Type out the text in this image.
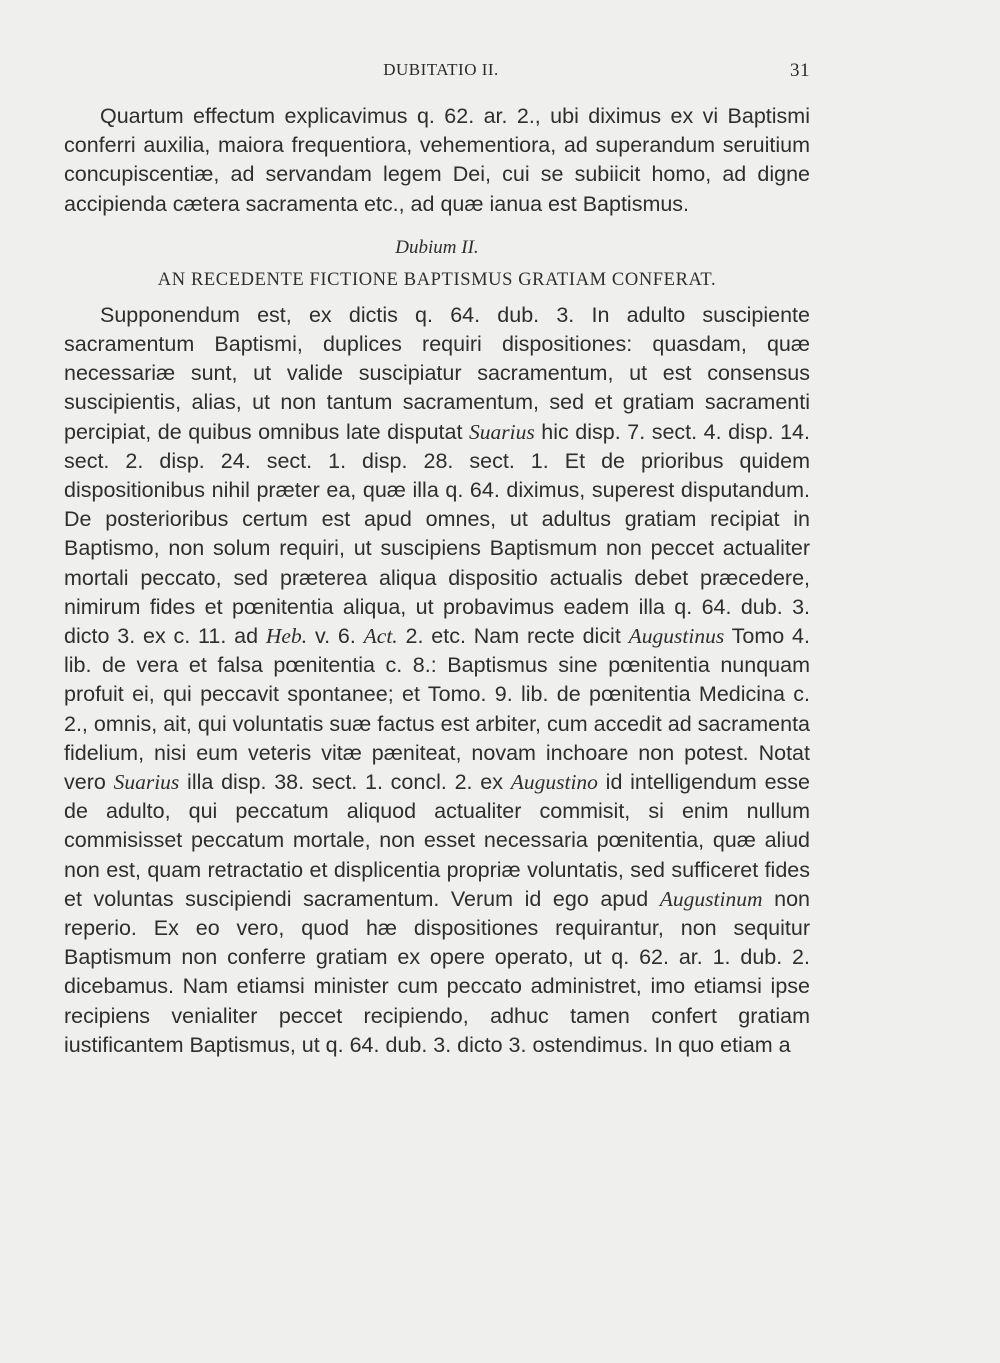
DUBITATIO II.	31

Quartum effectum explicavimus q. 62. ar. 2., ubi diximus ex vi Baptismi conferri auxilia, maiora frequentiora, vehementiora, ad superandum seruitium concupiscentiæ, ad servandam legem Dei, cui se subiicit homo, ad digne accipienda cætera sacramenta etc., ad quæ ianua est Baptismus.

Dubium II.
AN RECEDENTE FICTIONE BAPTISMUS GRATIAM CONFERAT.

Supponendum est, ex dictis q. 64. dub. 3. In adulto suscipiente sacramentum Baptismi, duplices requiri dispositiones: quasdam, quæ necessariæ sunt, ut valide suscipiatur sacramentum, ut est consensus suscipientis, alias, ut non tantum sacramentum, sed et gratiam sacramenti percipiat, de quibus omnibus late disputat Suarius hic disp. 7. sect. 4. disp. 14. sect. 2. disp. 24. sect. 1. disp. 28. sect. 1. Et de prioribus quidem dispositionibus nihil præter ea, quæ illa q. 64. diximus, superest disputandum. De posterioribus certum est apud omnes, ut adultus gratiam recipiat in Baptismo, non solum requiri, ut suscipiens Baptismum non peccet actualiter mortali peccato, sed præterea aliqua dispositio actualis debet præcedere, nimirum fides et pœnitentia aliqua, ut probavimus eadem illa q. 64. dub. 3. dicto 3. ex c. 11. ad Heb. v. 6. Act. 2. etc. Nam recte dicit Augustinus Tomo 4. lib. de vera et falsa pœnitentia c. 8.: Baptismus sine pœnitentia nunquam profuit ei, qui peccavit spontanee; et Tomo. 9. lib. de pœnitentia Medicina c. 2., omnis, ait, qui voluntatis suæ factus est arbiter, cum accedit ad sacramenta fidelium, nisi eum veteris vitæ pæniteat, novam inchoare non potest. Notat vero Suarius illa disp. 38. sect. 1. concl. 2. ex Augustino id intelligendum esse de adulto, qui peccatum aliquod actualiter commisit, si enim nullum commisisset peccatum mortale, non esset necessaria pœnitentia, quæ aliud non est, quam retractatio et displicentia propriæ voluntatis, sed sufficeret fides et voluntas suscipiendi sacramentum. Verum id ego apud Augustinum non reperio. Ex eo vero, quod hæ dispositiones requirantur, non sequitur Baptismum non conferre gratiam ex opere operato, ut q. 62. ar. 1. dub. 2. dicebamus. Nam etiamsi minister cum peccato administret, imo etiamsi ipse recipiens venialiter peccet recipiendo, adhuc tamen confert gratiam iustificantem Baptismus, ut q. 64. dub. 3. dicto 3. ostendimus. In quo etiam a
